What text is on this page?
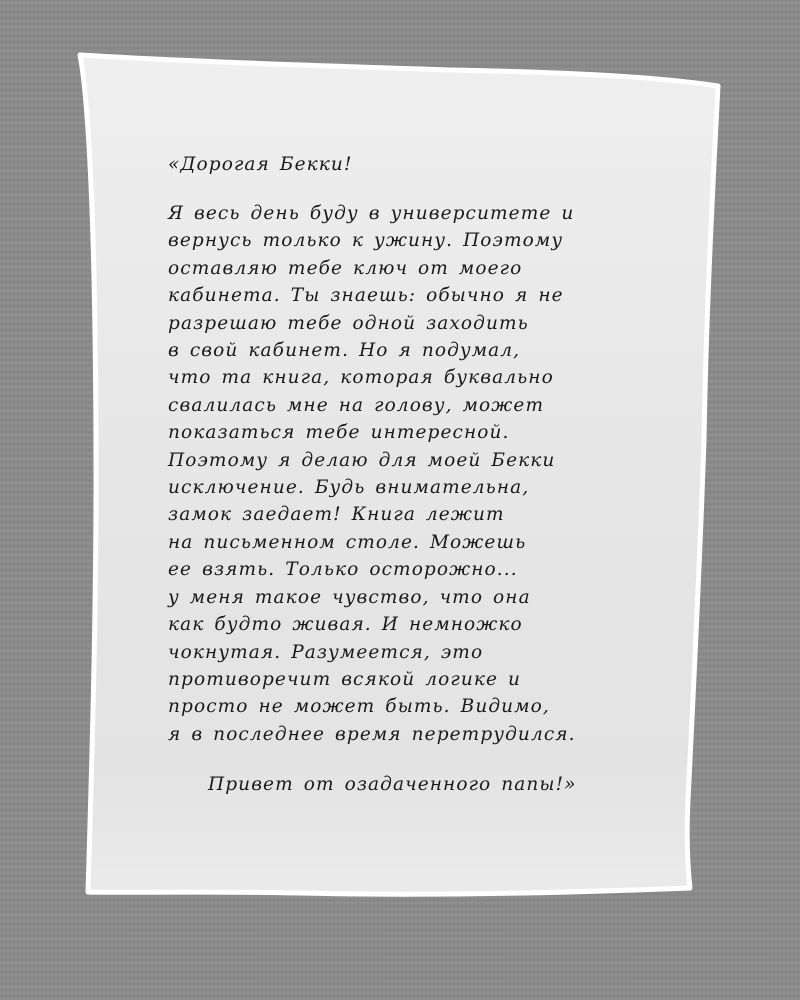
«Дорогая Бекки!
Я весь день буду в университете и
вернусь только к ужину. Поэтому
оставляю тебе ключ от моего
кабинета. Ты знаешь: обычно я не
разрешаю тебе одной заходить
в свой кабинет. Но я подумал,
что та книга, которая буквально
свалилась мне на голову, может
показаться тебе интересной.
Поэтому я делаю для моей Бекки
исключение. Будь внимательна,
замок заедает! Книга лежит
на письменном столе. Можешь
ее взять. Только осторожно...
у меня такое чувство, что она
как будто живая. И немножко
чокнутая. Разумеется, это
противоречит всякой логике и
просто не может быть. Видимо,
я в последнее время перетрудился.
Привет от озадаченного папы!»
